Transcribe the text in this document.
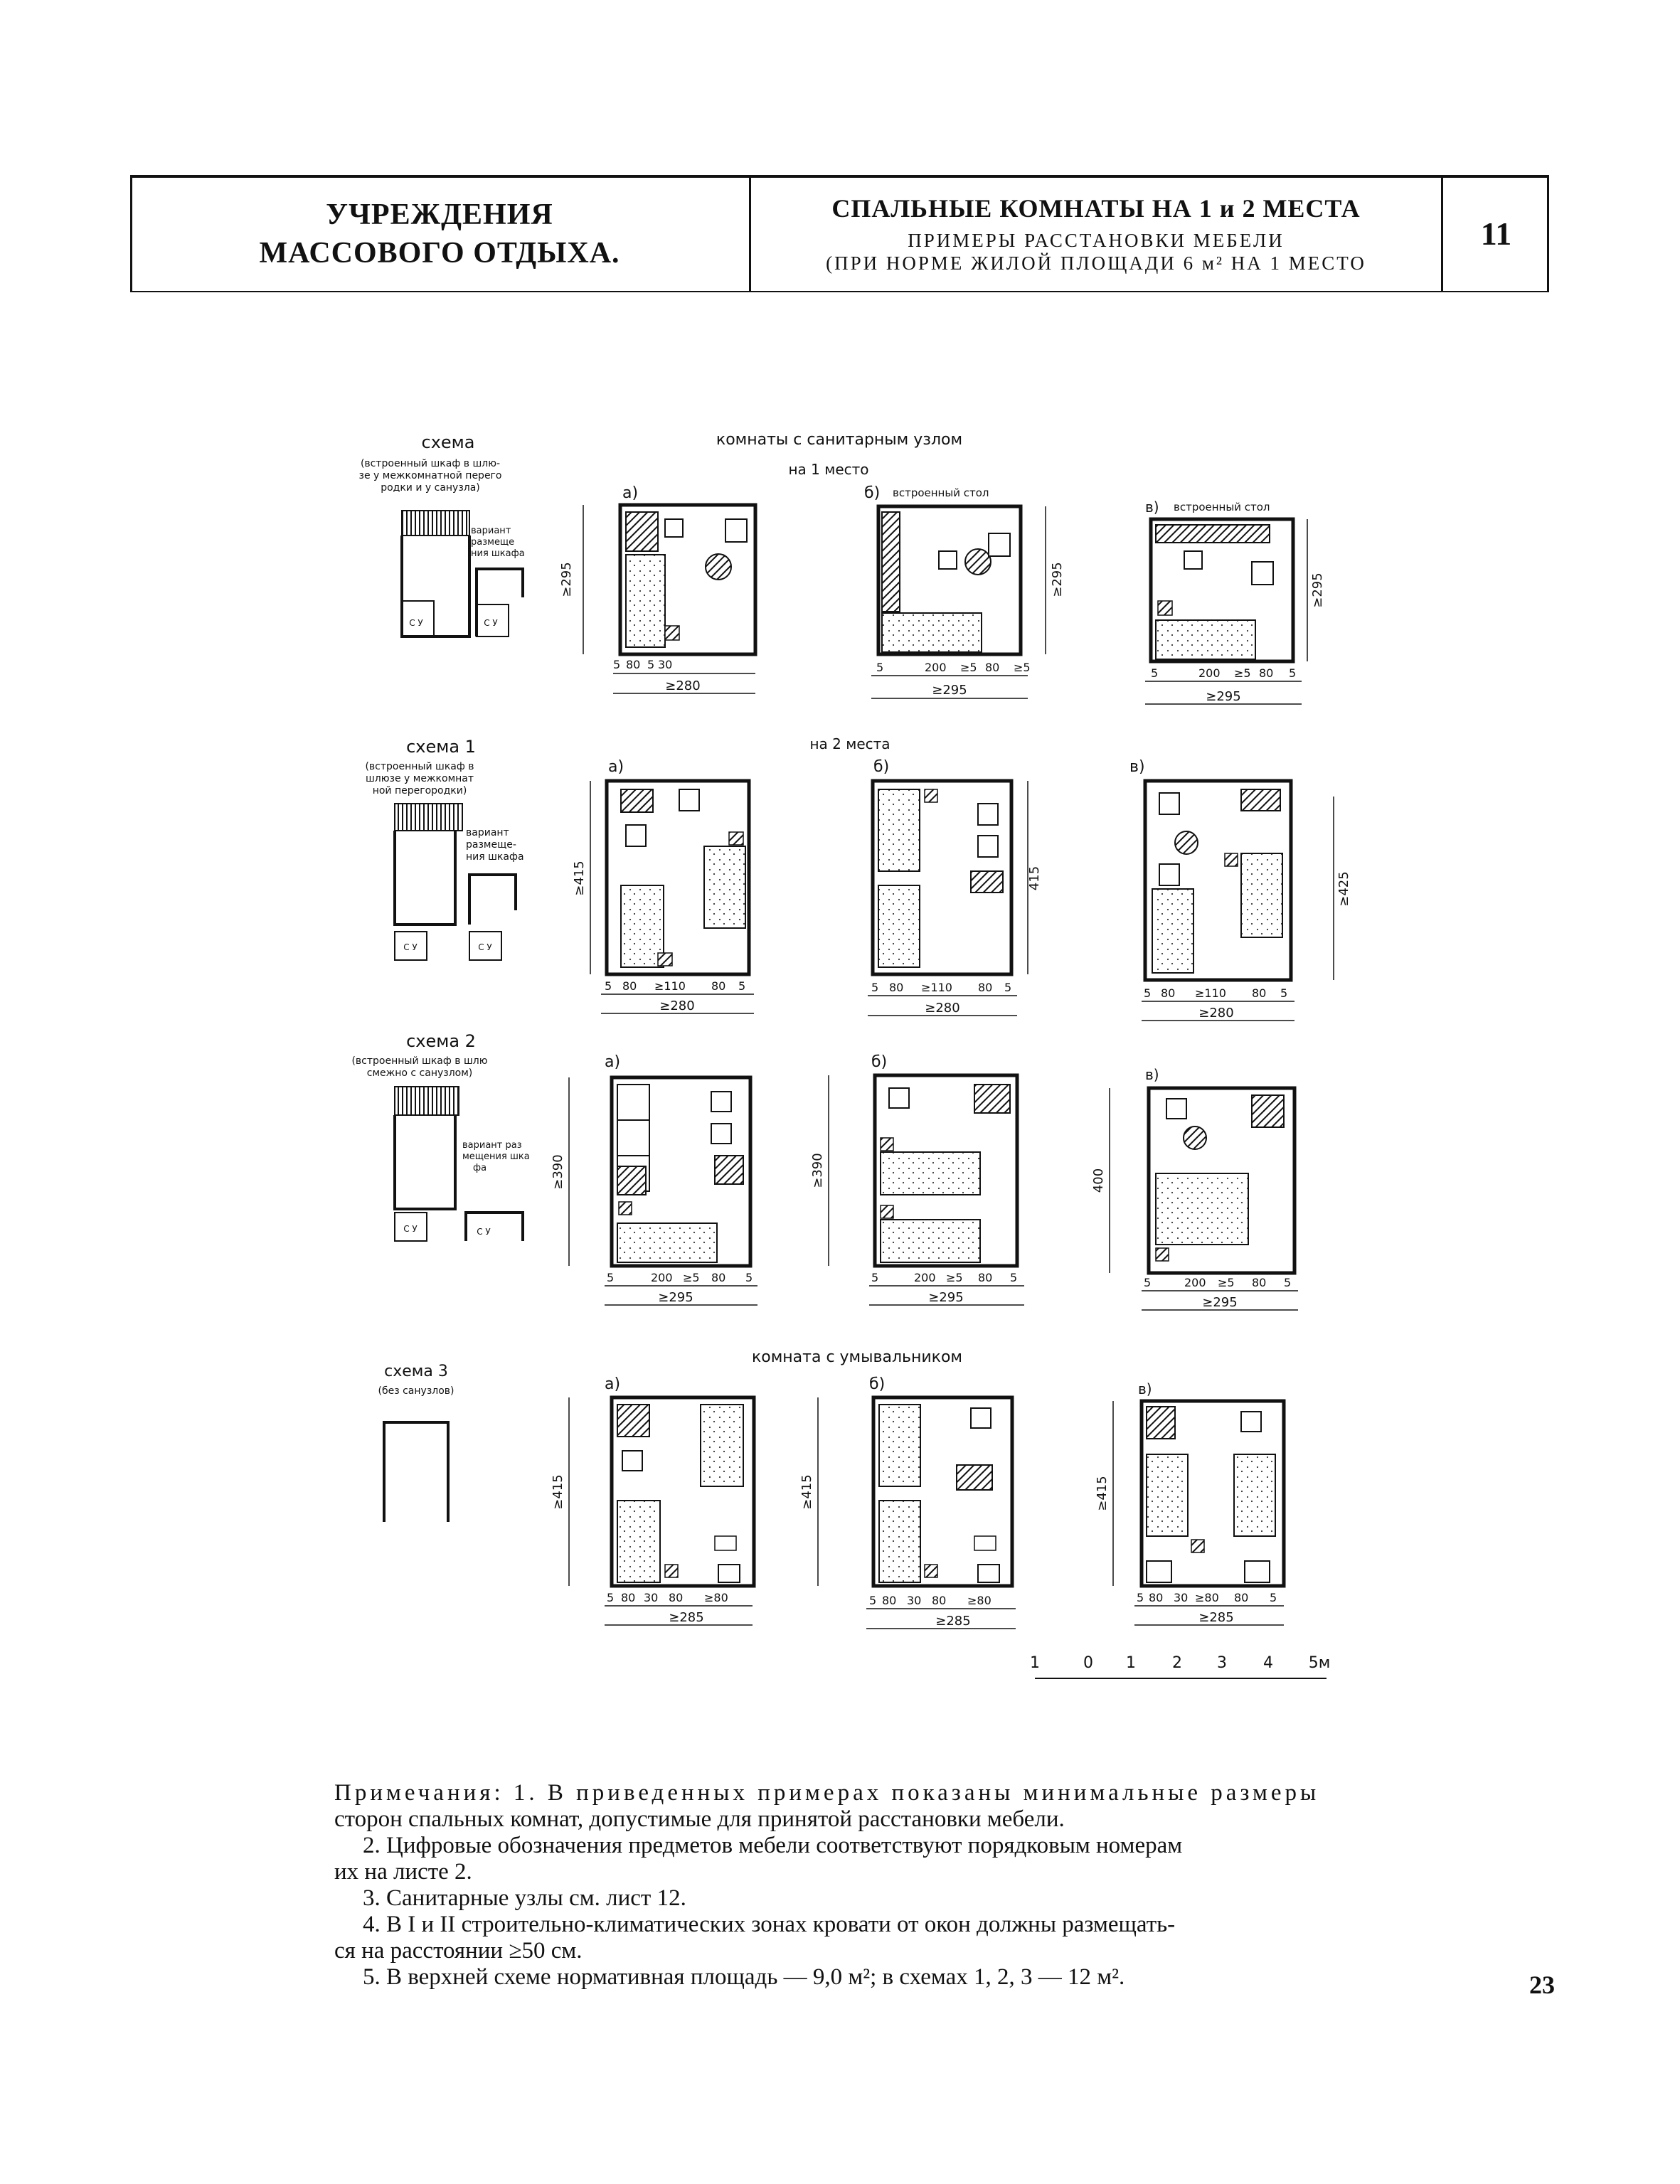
УЧРЕЖДЕНИЯ
МАССОВОГО ОТДЫХА.
СПАЛЬНЫЕ КОМНАТЫ НА 1 и 2 МЕСТА
ПРИМЕРЫ РАССТАНОВКИ МЕБЕЛИ
(ПРИ НОРМЕ ЖИЛОЙ ПЛОЩАДИ 6 м² НА 1 МЕСТО
11
комнаты с санитарным узлом
на 1 место
на 2 места
комната с умывальником
схема
(встроенный шкаф в шлю-
зе у межкомнатной перего
родки и у санузла)
С У
вариант
размеще
ния шкафа
С У
схема 1
(встроенный шкаф в
шлюзе у межкомнат
ной перегородки)
С У
вариант
размеще-
ния шкафа
С У
схема 2
(встроенный шкаф в шлю
смежно с санузлом)
С У
вариант раз
мещения шка
фа
С У
схема 3
(без санузлов)
а)
≥295
5 80 5 30
≥280
б) встроенный стол
≥295
5	200 ≥5 80 ≥5
≥295
в) встроенный стол
≥295
5	200 ≥5 80 5
≥295
а)
≥415
5 80 ≥110 80 5
≥280
б)
415
5 80 ≥110 80 5
≥280
в)
≥425
5 80 ≥110 80 5
≥280
а)
≥390
5	200 ≥5 80 5
≥295
б)
≥390
5	200 ≥5 80 5
≥295
в)
400
5	200 ≥5 80 5
≥295
а)
≥415
5 80 30 80 ≥80
≥285
б)
≥415
5 80 30 80 ≥80
≥285
в)
≥415
5 80 30 ≥80 80 5
≥285
1	0 1 2 3 4 5м

Примечания: 1. В приведенных примерах показаны минимальные размеры

сторон спальных комнат, допустимые для принятой расстановки мебели.

2. Цифровые обозначения предметов мебели соответствуют порядковым номерам

их на листе 2.

3. Санитарные узлы см. лист 12.

4. В I и II строительно-климатических зонах кровати от окон должны размещать-

ся на расстоянии ≥50 см.

5. В верхней схеме нормативная площадь — 9,0 м²; в схемах 1, 2, 3 — 12 м².	23
